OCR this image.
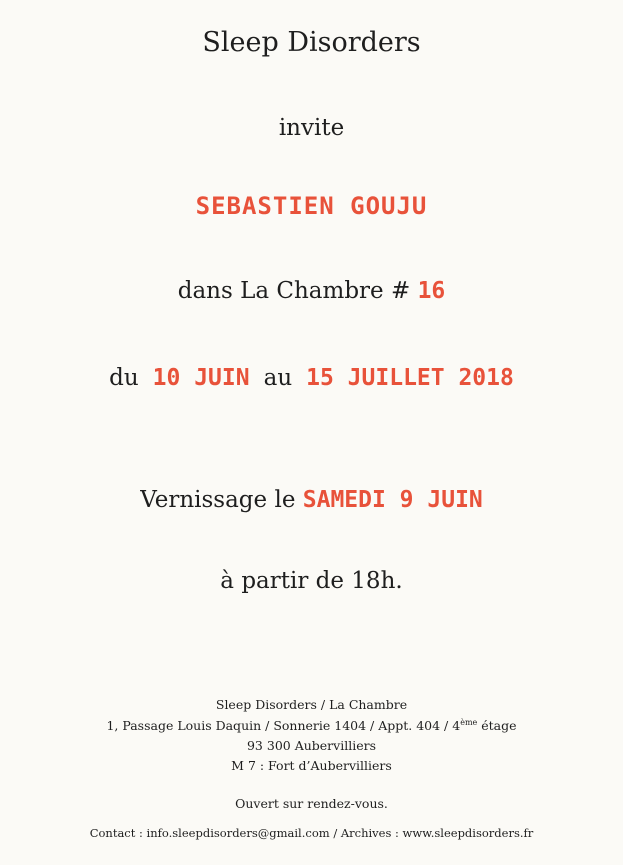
Sleep Disorders
invite
SEBASTIEN GOUJU
dans La Chambre # 16
du 10 JUIN au 15 JUILLET 2018
Vernissage le SAMEDI 9 JUIN
à partir de 18h.
Sleep Disorders / La Chambre
1, Passage Louis Daquin / Sonnerie 1404 / Appt. 404 / 4ème étage
93 300 Aubervilliers
M 7 : Fort d’Aubervilliers
Ouvert sur rendez-vous.
Contact : info.sleepdisorders@gmail.com / Archives : www.sleepdisorders.fr
